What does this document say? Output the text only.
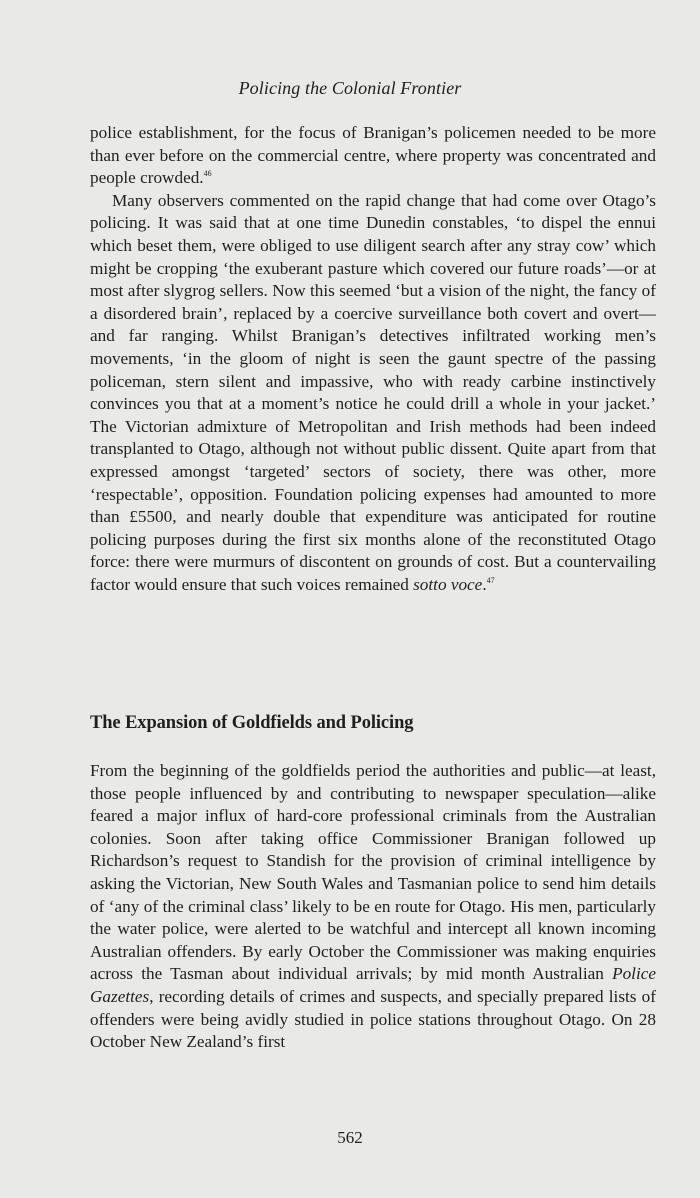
Policing the Colonial Frontier

police establishment, for the focus of Branigan’s policemen needed to be more than ever before on the commercial centre, where property was concentrated and people crowded.$^{46}$

Many observers commented on the rapid change that had come over Otago’s policing. It was said that at one time Dunedin constables, ‘to dispel the ennui which beset them, were obliged to use diligent search after any stray cow’ which might be cropping ‘the exuberant pasture which covered our future roads’—or at most after slygrog sellers. Now this seemed ‘but a vision of the night, the fancy of a disordered brain’, replaced by a coercive surveillance both covert and overt—and far ranging. Whilst Branigan’s detectives infiltrated working men’s movements, ‘in the gloom of night is seen the gaunt spectre of the passing policeman, stern silent and impassive, who with ready carbine instinctively convinces you that at a moment’s notice he could drill a whole in your jacket.’ The Victorian admixture of Metropolitan and Irish methods had been indeed transplanted to Otago, although not without public dissent. Quite apart from that expressed amongst ‘targeted’ sectors of society, there was other, more ‘respectable’, opposition. Foundation policing expenses had amounted to more than £5500, and nearly double that expenditure was anticipated for routine policing purposes during the first six months alone of the reconstituted Otago force: there were murmurs of discontent on grounds of cost. But a countervailing factor would ensure that such voices remained sotto voce.$^{47}$

The Expansion of Goldfields and Policing

From the beginning of the goldfields period the authorities and public—at least, those people influenced by and contributing to newspaper speculation—alike feared a major influx of hard-core professional criminals from the Australian colonies. Soon after taking office Commissioner Branigan followed up Richardson’s request to Standish for the provision of criminal intelligence by asking the Victorian, New South Wales and Tasmanian police to send him details of ‘any of the criminal class’ likely to be en route for Otago. His men, particularly the water police, were alerted to be watchful and intercept all known incoming Australian offenders. By early October the Commissioner was making enquiries across the Tasman about individual arrivals; by mid month Australian Police Gazettes, recording details of crimes and suspects, and specially prepared lists of offenders were being avidly studied in police stations throughout Otago. On 28 October New Zealand’s first

562
